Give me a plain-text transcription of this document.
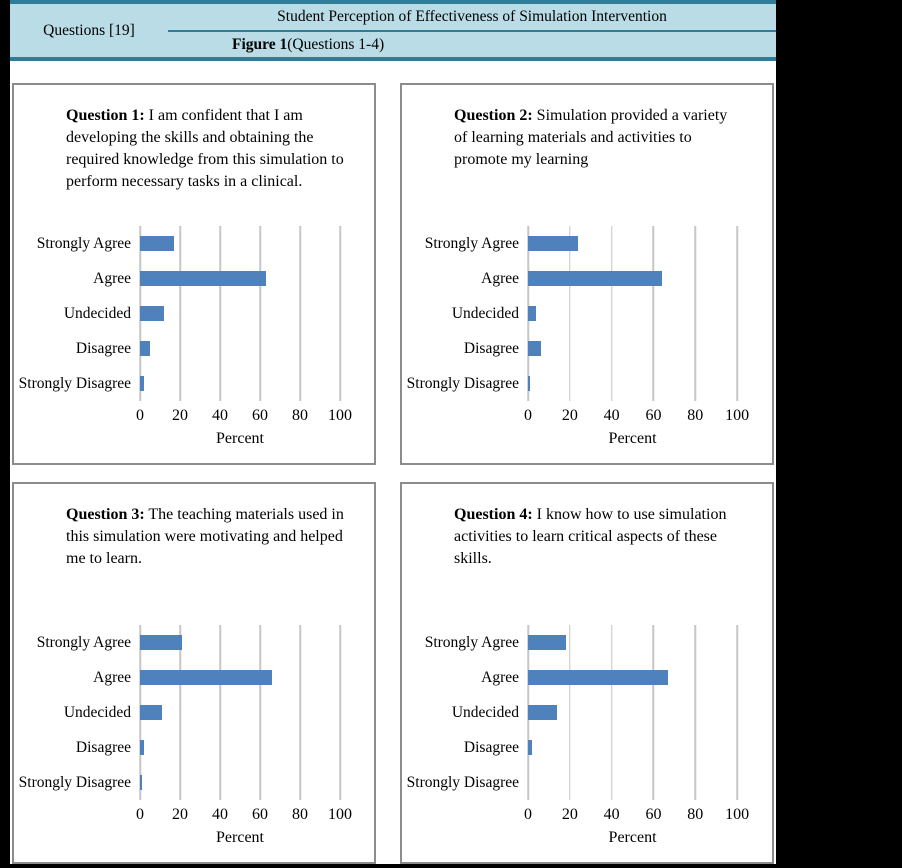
Questions [19]
Student Perception of Effectiveness of Simulation Intervention
Figure 1 (Questions 1-4)

Question 1: I am confident that I am developing the skills and obtaining the required knowledge from this simulation to perform necessary tasks in a clinical.

Strongly Agree
Agree
Undecided
Disagree
Strongly Disagree
0 20 40 60 80 100
Percent

Question 2: Simulation provided a variety of learning materials and activities to promote my learning

Strongly Agree
Agree
Undecided
Disagree
Strongly Disagree
0 20 40 60 80 100
Percent

Question 3: The teaching materials used in this simulation were motivating and helped me to learn.

Strongly Agree
Agree
Undecided
Disagree
Strongly Disagree
0 20 40 60 80 100
Percent

Question 4: I know how to use simulation activities to learn critical aspects of these skills.

Strongly Agree
Agree
Undecided
Disagree
Strongly Disagree
0 20 40 60 80 100
Percent
